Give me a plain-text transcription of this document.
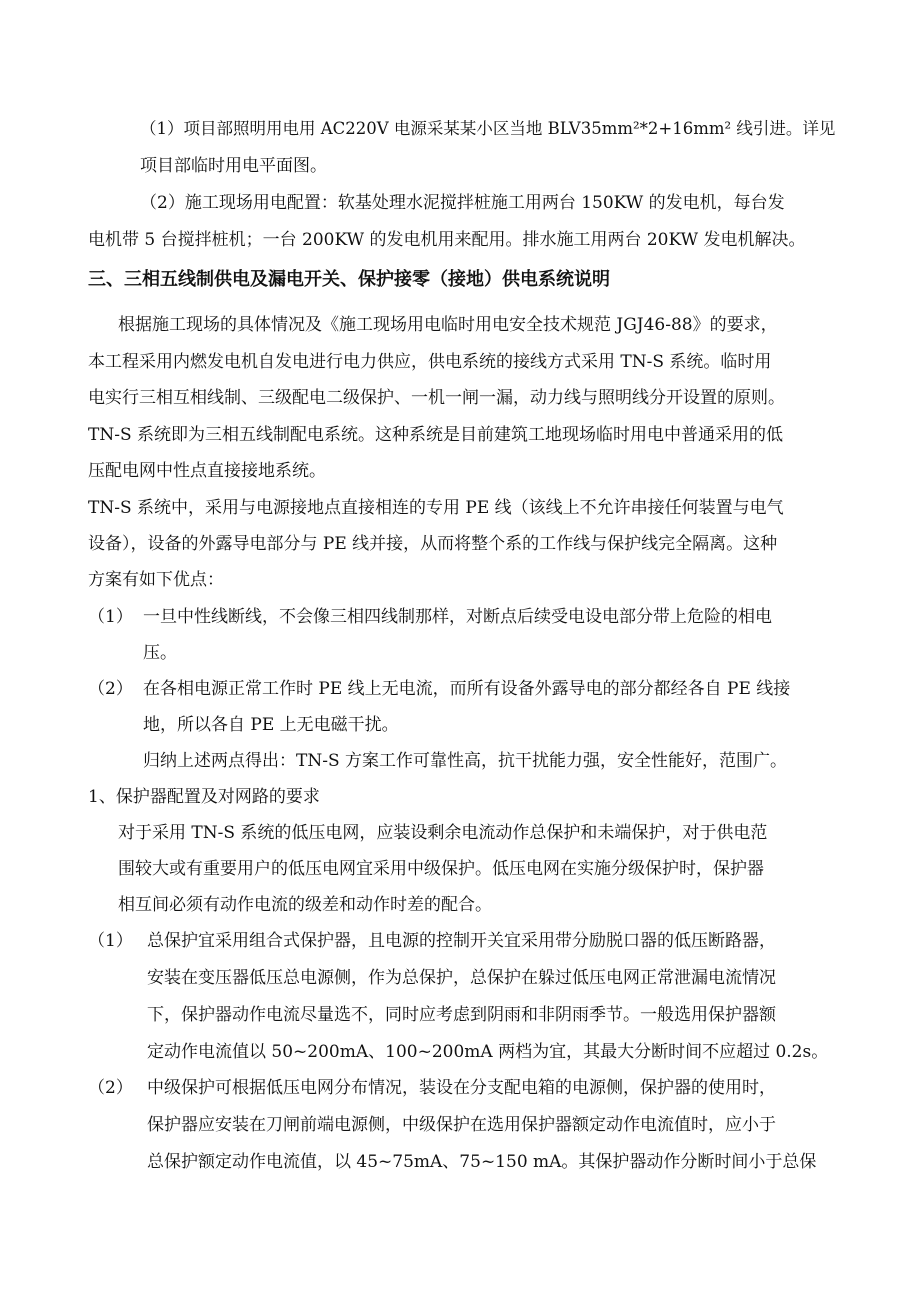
（1）项目部照明用电用 AC220V 电源采某某小区当地 BLV35mm²*2+16mm² 线引进。详见
项目部临时用电平面图。
（2）施工现场用电配置：软基处理水泥搅拌桩施工用两台 150KW 的发电机，每台发
电机带 5 台搅拌桩机；一台 200KW 的发电机用来配用。排水施工用两台 20KW 发电机解决。
三、三相五线制供电及漏电开关、保护接零（接地）供电系统说明
根据施工现场的具体情况及《施工现场用电临时用电安全技术规范 JGJ46-88》的要求，
本工程采用内燃发电机自发电进行电力供应，供电系统的接线方式采用 TN-S 系统。临时用
电实行三相互相线制、三级配电二级保护、一机一闸一漏，动力线与照明线分开设置的原则。
TN-S 系统即为三相五线制配电系统。这种系统是目前建筑工地现场临时用电中普通采用的低
压配电网中性点直接接地系统。
TN-S 系统中，采用与电源接地点直接相连的专用 PE 线（该线上不允许串接任何装置与电气
设备），设备的外露导电部分与 PE 线并接，从而将整个系的工作线与保护线完全隔离。这种
方案有如下优点：
（1） 一旦中性线断线，不会像三相四线制那样，对断点后续受电设电部分带上危险的相电
压。
（2） 在各相电源正常工作时 PE 线上无电流，而所有设备外露导电的部分都经各自 PE 线接
地，所以各自 PE 上无电磁干扰。
归纳上述两点得出：TN-S 方案工作可靠性高，抗干扰能力强，安全性能好，范围广。
1、保护器配置及对网路的要求
对于采用 TN-S 系统的低压电网，应装设剩余电流动作总保护和未端保护，对于供电范
围较大或有重要用户的低压电网宜采用中级保护。低压电网在实施分级保护时，保护器
相互间必须有动作电流的级差和动作时差的配合。
（1） 总保护宜采用组合式保护器，且电源的控制开关宜采用带分励脱口器的低压断路器，
安装在变压器低压总电源侧，作为总保护，总保护在躲过低压电网正常泄漏电流情况
下，保护器动作电流尽量选不，同时应考虑到阴雨和非阴雨季节。一般选用保护器额
定动作电流值以 50~200mA、100~200mA 两档为宜，其最大分断时间不应超过 0.2s。
（2） 中级保护可根据低压电网分布情况，装设在分支配电箱的电源侧，保护器的使用时，
保护器应安装在刀闸前端电源侧，中级保护在选用保护器额定动作电流值时，应小于
总保护额定动作电流值，以 45~75mA、75~150 mA。其保护器动作分断时间小于总保
